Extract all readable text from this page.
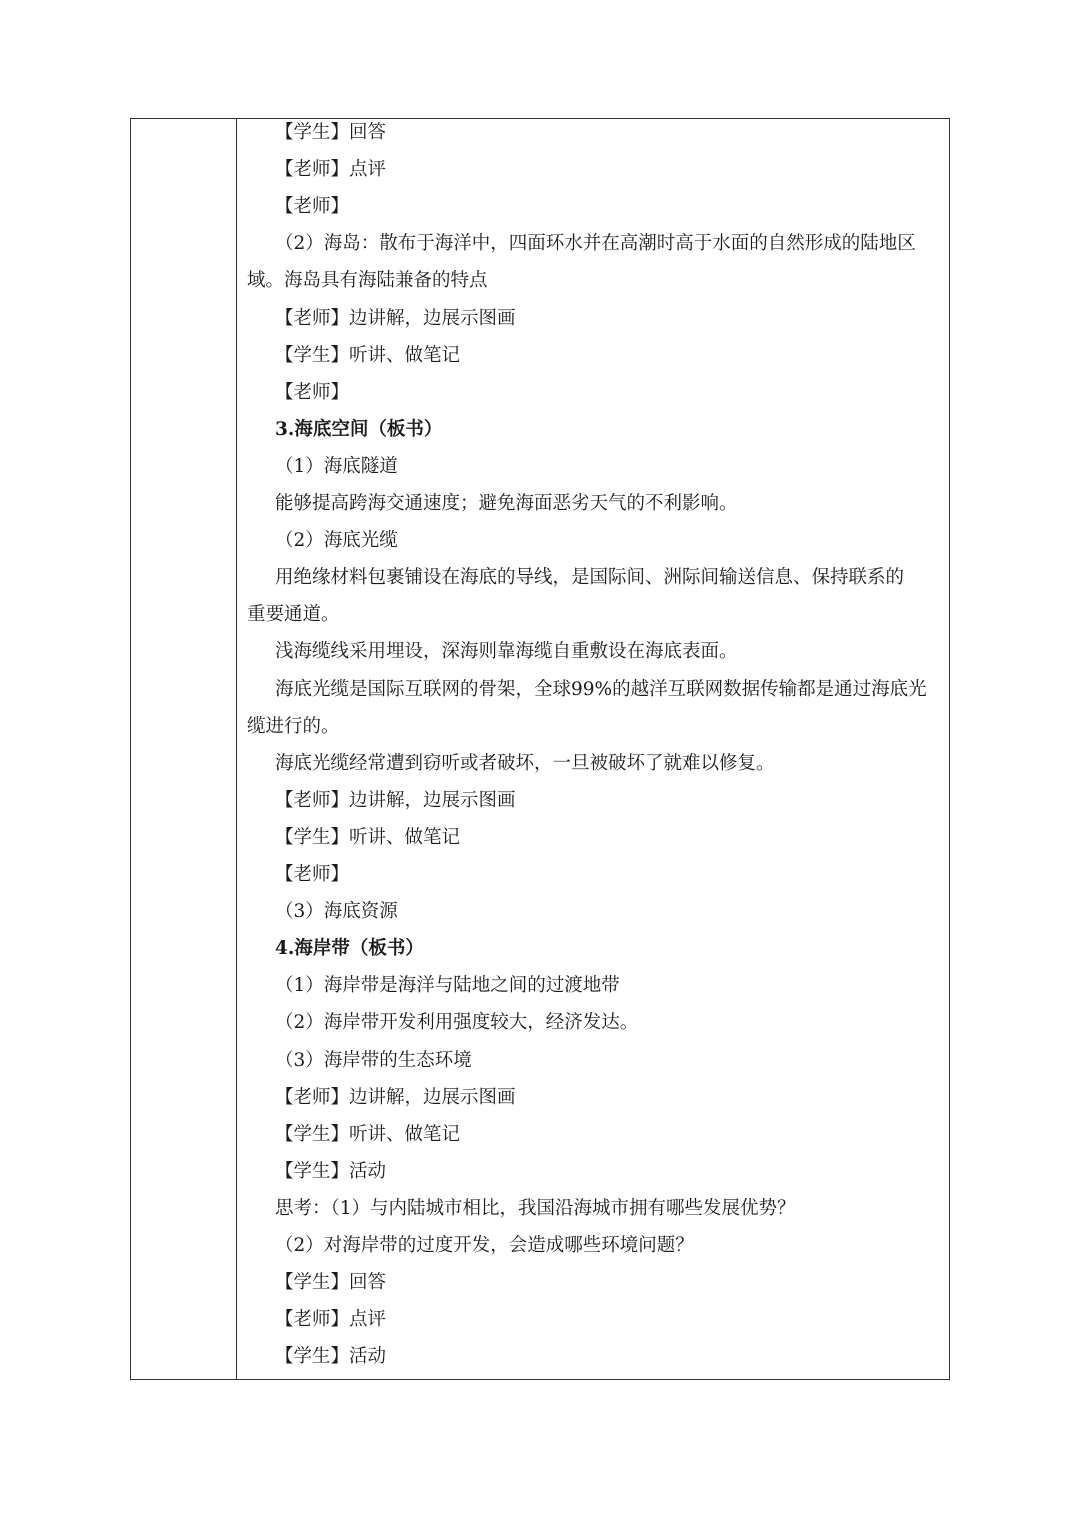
【学生】回答
【老师】点评
【老师】
（2）海岛：散布于海洋中，四面环水并在高潮时高于水面的自然形成的陆地区
域。海岛具有海陆兼备的特点
【老师】边讲解，边展示图画
【学生】听讲、做笔记
【老师】
3.海底空间（板书）
（1）海底隧道
能够提高跨海交通速度；避免海面恶劣天气的不利影响。
（2）海底光缆
用绝缘材料包裹铺设在海底的导线，是国际间、洲际间输送信息、保持联系的
重要通道。
浅海缆线采用埋设，深海则靠海缆自重敷设在海底表面。
海底光缆是国际互联网的骨架，全球99%的越洋互联网数据传输都是通过海底光
缆进行的。
海底光缆经常遭到窃听或者破坏，一旦被破坏了就难以修复。
【老师】边讲解，边展示图画
【学生】听讲、做笔记
【老师】
（3）海底资源
4.海岸带（板书）
（1）海岸带是海洋与陆地之间的过渡地带
（2）海岸带开发利用强度较大，经济发达。
（3）海岸带的生态环境
【老师】边讲解，边展示图画
【学生】听讲、做笔记
【学生】活动
思考：（1）与内陆城市相比，我国沿海城市拥有哪些发展优势？
（2）对海岸带的过度开发，会造成哪些环境问题？
【学生】回答
【老师】点评
【学生】活动
